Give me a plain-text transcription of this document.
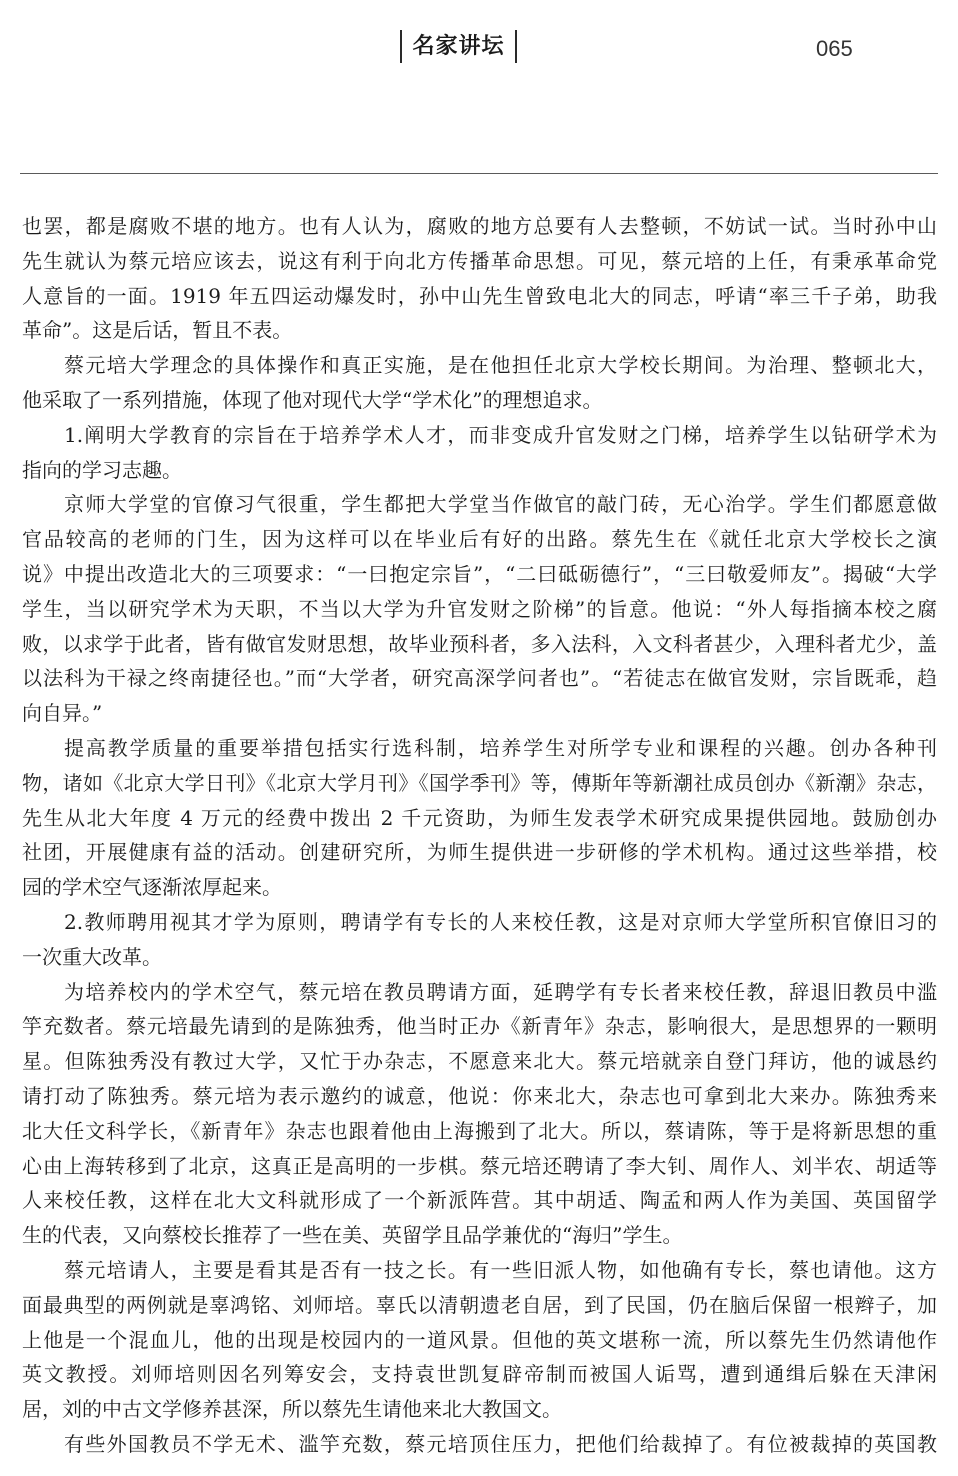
名家讲坛	065
也罢，都是腐败不堪的地方。也有人认为，腐败的地方总要有人去整顿，不妨试一试。当时孙中山
先生就认为蔡元培应该去，说这有利于向北方传播革命思想。可见，蔡元培的上任，有秉承革命党
人意旨的一面。1919 年五四运动爆发时，孙中山先生曾致电北大的同志，呼请“率三千子弟，助我
革命”。这是后话，暂且不表。
蔡元培大学理念的具体操作和真正实施，是在他担任北京大学校长期间。为治理、整顿北大，
他采取了一系列措施，体现了他对现代大学“学术化”的理想追求。
1.阐明大学教育的宗旨在于培养学术人才，而非变成升官发财之门梯，培养学生以钻研学术为
指向的学习志趣。
京师大学堂的官僚习气很重，学生都把大学堂当作做官的敲门砖，无心治学。学生们都愿意做
官品较高的老师的门生，因为这样可以在毕业后有好的出路。蔡先生在《就任北京大学校长之演
说》中提出改造北大的三项要求：“一曰抱定宗旨”，“二曰砥砺德行”，“三曰敬爱师友”。揭破“大学
学生，当以研究学术为天职，不当以大学为升官发财之阶梯”的旨意。他说：“外人每指摘本校之腐
败，以求学于此者，皆有做官发财思想，故毕业预科者，多入法科，入文科者甚少，入理科者尤少，盖
以法科为干禄之终南捷径也。”而“大学者，研究高深学问者也”。“若徒志在做官发财，宗旨既乖，趋
向自异。”
提高教学质量的重要举措包括实行选科制，培养学生对所学专业和课程的兴趣。创办各种刊
物，诸如《北京大学日刊》《北京大学月刊》《国学季刊》等，傅斯年等新潮社成员创办《新潮》杂志，
先生从北大年度 4 万元的经费中拨出 2 千元资助，为师生发表学术研究成果提供园地。鼓励创办
社团，开展健康有益的活动。创建研究所，为师生提供进一步研修的学术机构。通过这些举措，校
园的学术空气逐渐浓厚起来。
2.教师聘用视其才学为原则，聘请学有专长的人来校任教，这是对京师大学堂所积官僚旧习的
一次重大改革。
为培养校内的学术空气，蔡元培在教员聘请方面，延聘学有专长者来校任教，辞退旧教员中滥
竽充数者。蔡元培最先请到的是陈独秀，他当时正办《新青年》杂志，影响很大，是思想界的一颗明
星。但陈独秀没有教过大学，又忙于办杂志，不愿意来北大。蔡元培就亲自登门拜访，他的诚恳约
请打动了陈独秀。蔡元培为表示邀约的诚意，他说：你来北大，杂志也可拿到北大来办。陈独秀来
北大任文科学长，《新青年》杂志也跟着他由上海搬到了北大。所以，蔡请陈，等于是将新思想的重
心由上海转移到了北京，这真正是高明的一步棋。蔡元培还聘请了李大钊、周作人、刘半农、胡适等
人来校任教，这样在北大文科就形成了一个新派阵营。其中胡适、陶孟和两人作为美国、英国留学
生的代表，又向蔡校长推荐了一些在美、英留学且品学兼优的“海归”学生。
蔡元培请人，主要是看其是否有一技之长。有一些旧派人物，如他确有专长，蔡也请他。这方
面最典型的两例就是辜鸿铭、刘师培。辜氏以清朝遗老自居，到了民国，仍在脑后保留一根辫子，加
上他是一个混血儿，他的出现是校园内的一道风景。但他的英文堪称一流，所以蔡先生仍然请他作
英文教授。刘师培则因名列筹安会，支持袁世凯复辟帝制而被国人诟骂，遭到通缉后躲在天津闲
居，刘的中古文学修养甚深，所以蔡先生请他来北大教国文。
有些外国教员不学无术、滥竽充数，蔡元培顶住压力，把他们给裁掉了。有位被裁掉的英国教
